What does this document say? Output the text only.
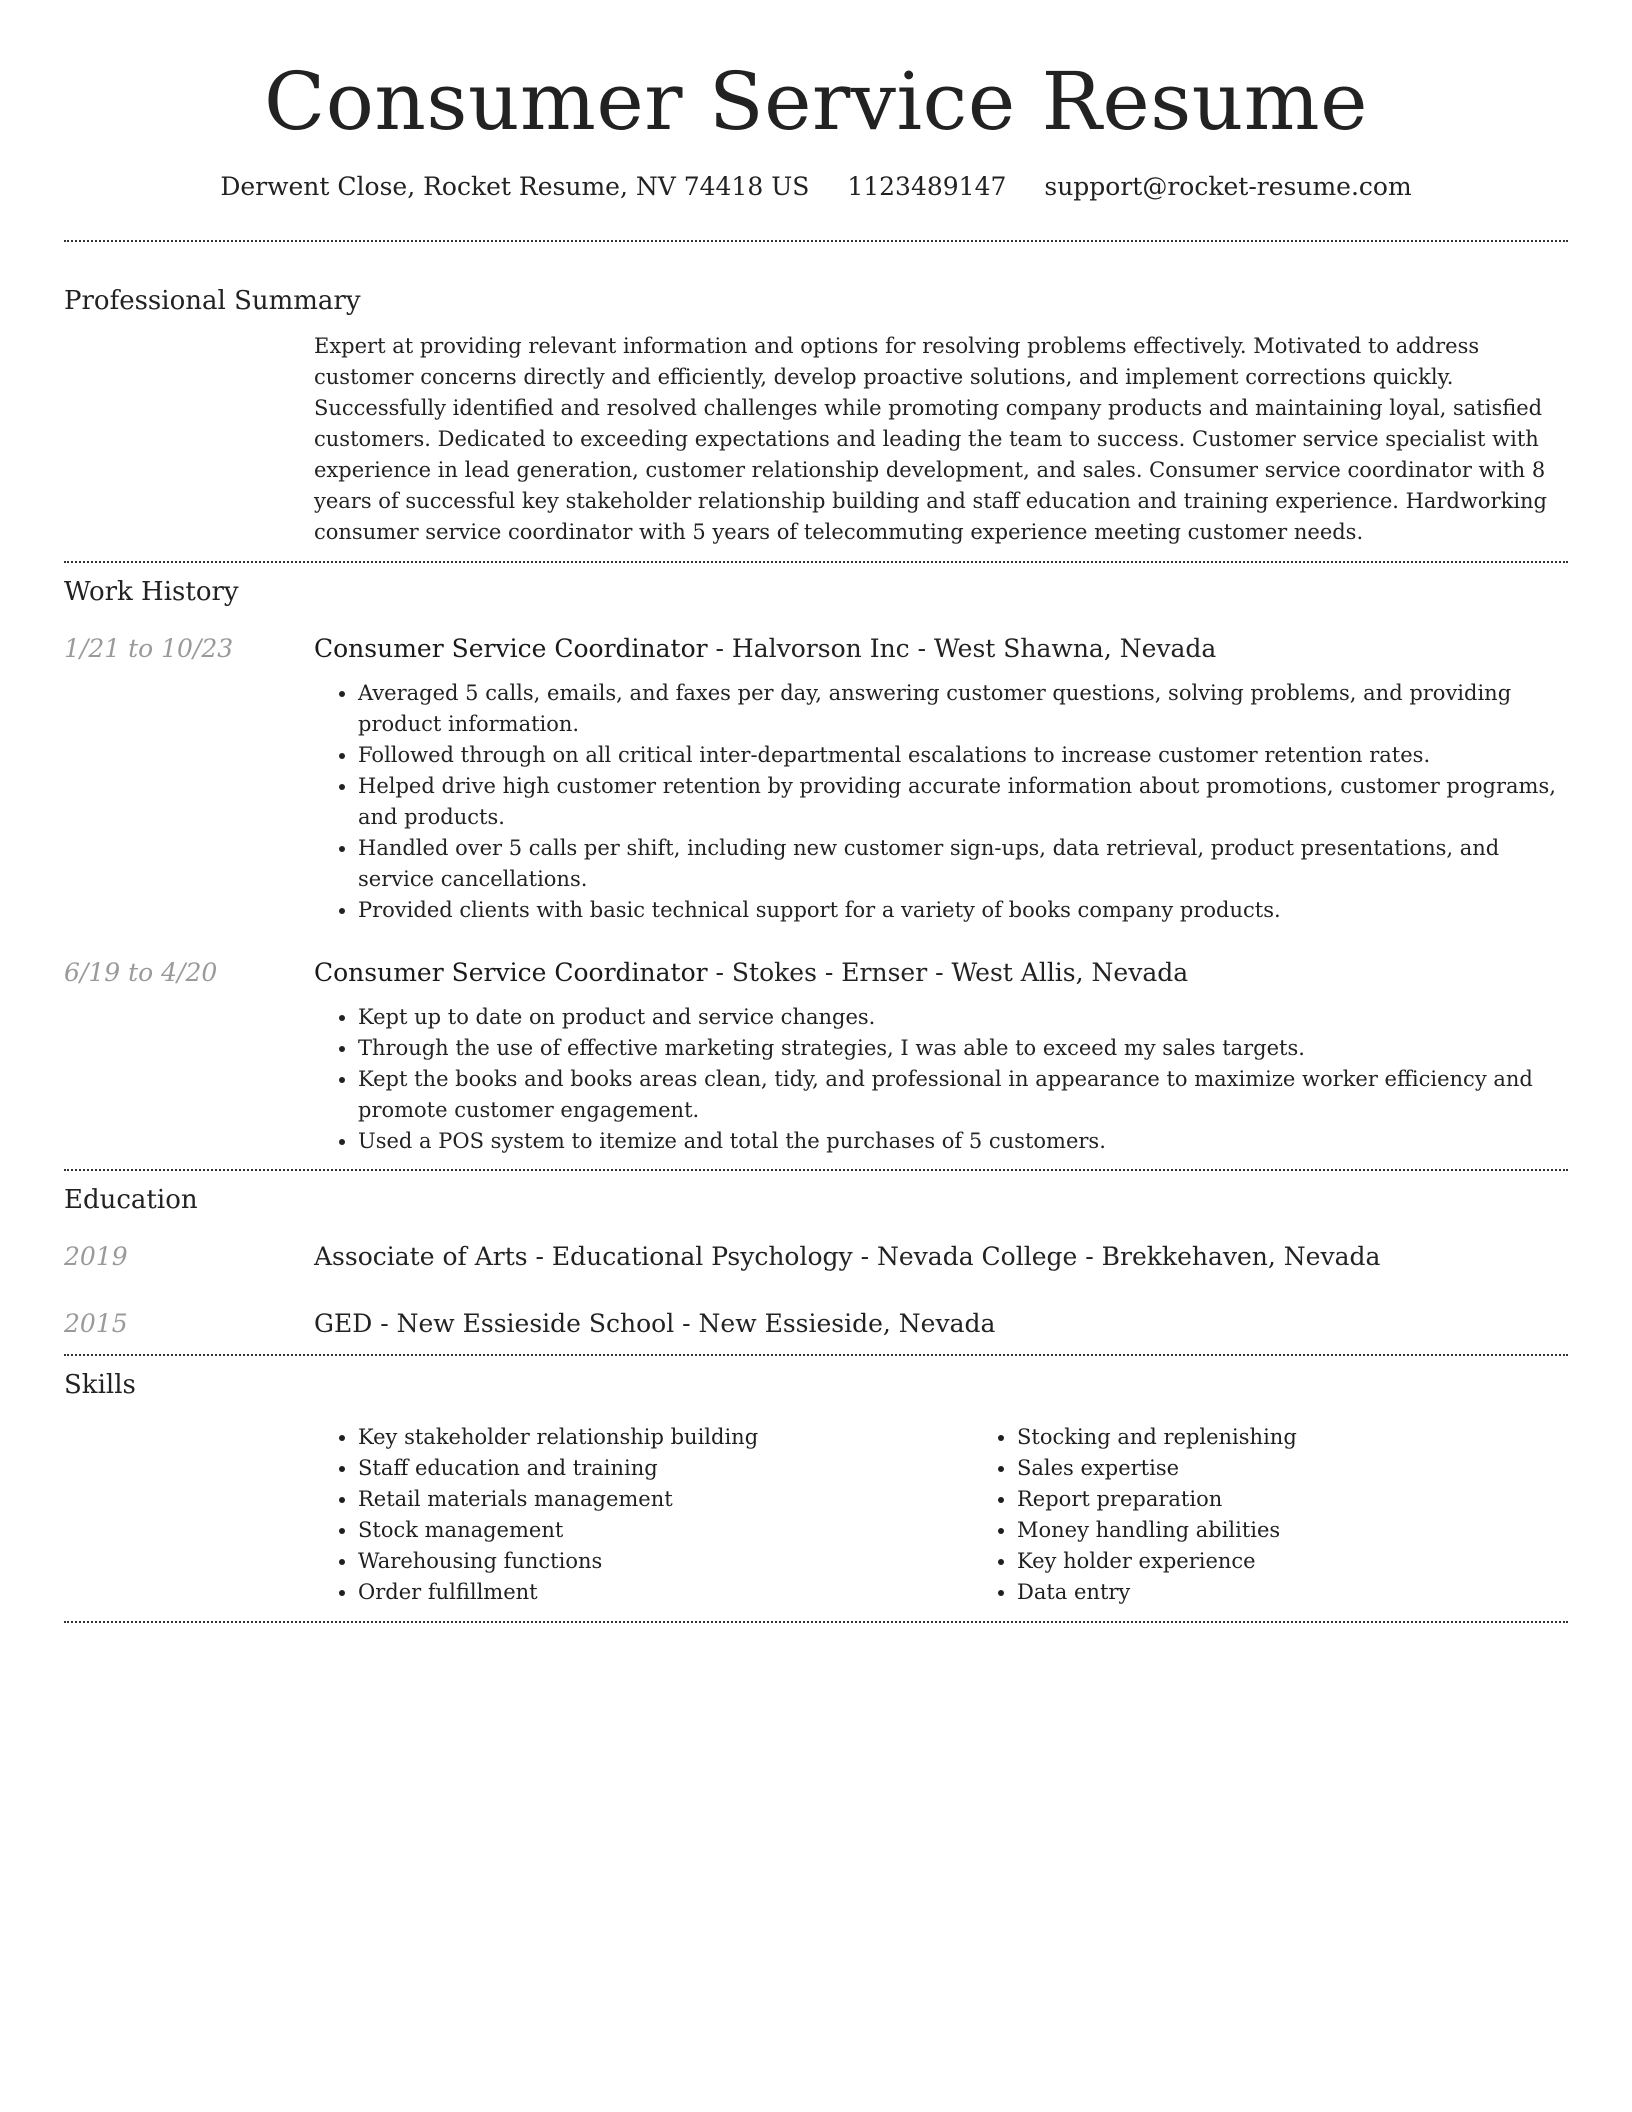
Consumer Service Resume
Derwent Close, Rocket Resume, NV 74418 US 1123489147 support@rocket-resume.com
Professional Summary

Expert at providing relevant information and options for resolving problems effectively. Motivated to address customer concerns directly and efficiently, develop proactive solutions, and implement corrections quickly. Successfully identified and resolved challenges while promoting company products and maintaining loyal, satisfied customers. Dedicated to exceeding expectations and leading the team to success. Customer service specialist with experience in lead generation, customer relationship development, and sales. Consumer service coordinator with 8 years of successful key stakeholder relationship building and staff education and training experience. Hardworking consumer service coordinator with 5 years of telecommuting experience meeting customer needs.

Work History
1/21 to 10/23	Consumer Service Coordinator - Halvorson Inc - West Shawna, Nevada
• Averaged 5 calls, emails, and faxes per day, answering customer questions, solving problems, and providing product information.
• Followed through on all critical inter-departmental escalations to increase customer retention rates.
• Helped drive high customer retention by providing accurate information about promotions, customer programs, and products.
• Handled over 5 calls per shift, including new customer sign-ups, data retrieval, product presentations, and service cancellations.
• Provided clients with basic technical support for a variety of books company products.
6/19 to 4/20	Consumer Service Coordinator - Stokes - Ernser - West Allis, Nevada
• Kept up to date on product and service changes.
• Through the use of effective marketing strategies, I was able to exceed my sales targets.
• Kept the books and books areas clean, tidy, and professional in appearance to maximize worker efficiency and promote customer engagement.
• Used a POS system to itemize and total the purchases of 5 customers.
Education
2019	Associate of Arts - Educational Psychology - Nevada College - Brekkehaven, Nevada
2015	GED - New Essieside School - New Essieside, Nevada
Skills
• Key stakeholder relationship building
• Staff education and training
• Retail materials management
• Stock management
• Warehousing functions
• Order fulfillment
• Stocking and replenishing
• Sales expertise
• Report preparation
• Money handling abilities
• Key holder experience
• Data entry
